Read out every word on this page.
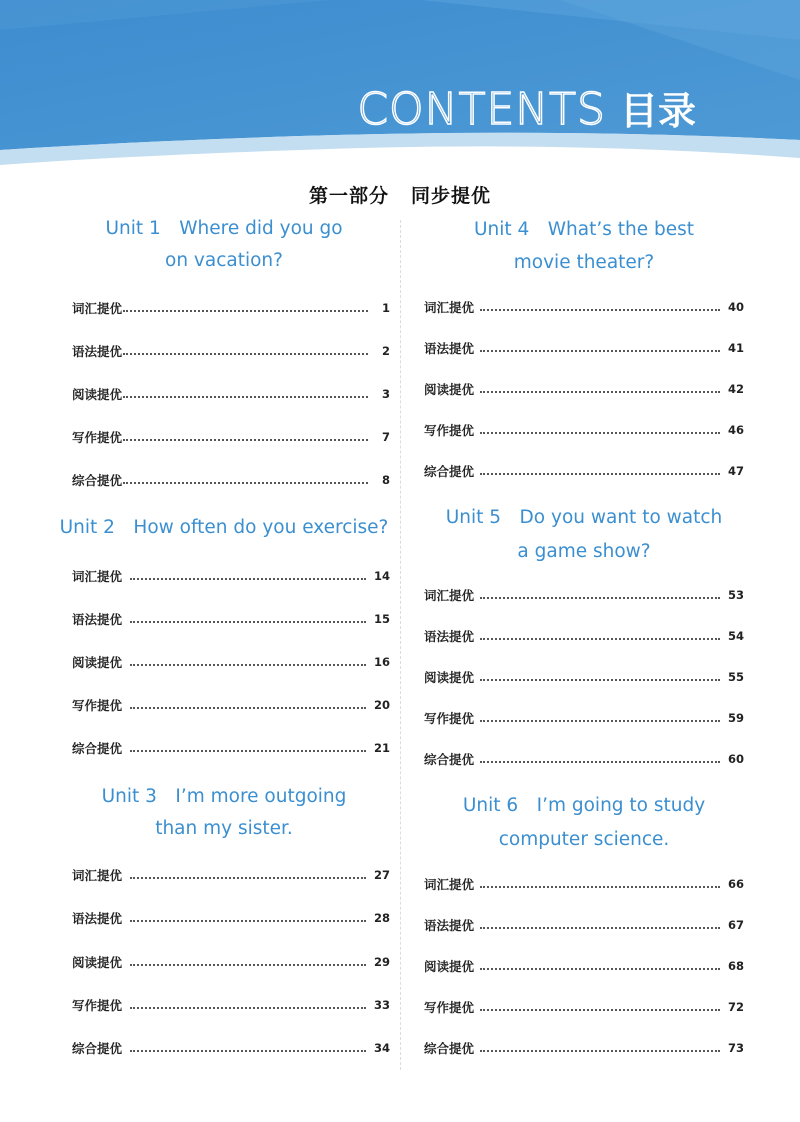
CONTENTS 目录
第一部分 同步提优
Unit 1　Where did you go
on vacation?
词汇提优	1
语法提优	2
阅读提优	3
写作提优	7
综合提优	8
Unit 2　How often do you exercise?
词汇提优	14
语法提优	15
阅读提优	16
写作提优	20
综合提优	21
Unit 3　I’m more outgoing
than my sister.
词汇提优	27
语法提优	28
阅读提优	29
写作提优	33
综合提优	34
Unit 4　What’s the best
movie theater?
词汇提优	40
语法提优	41
阅读提优	42
写作提优	46
综合提优	47
Unit 5　Do you want to watch
a game show?
词汇提优	53
语法提优	54
阅读提优	55
写作提优	59
综合提优	60
Unit 6　I’m going to study
computer science.
词汇提优	66
语法提优	67
阅读提优	68
写作提优	72
综合提优	73
